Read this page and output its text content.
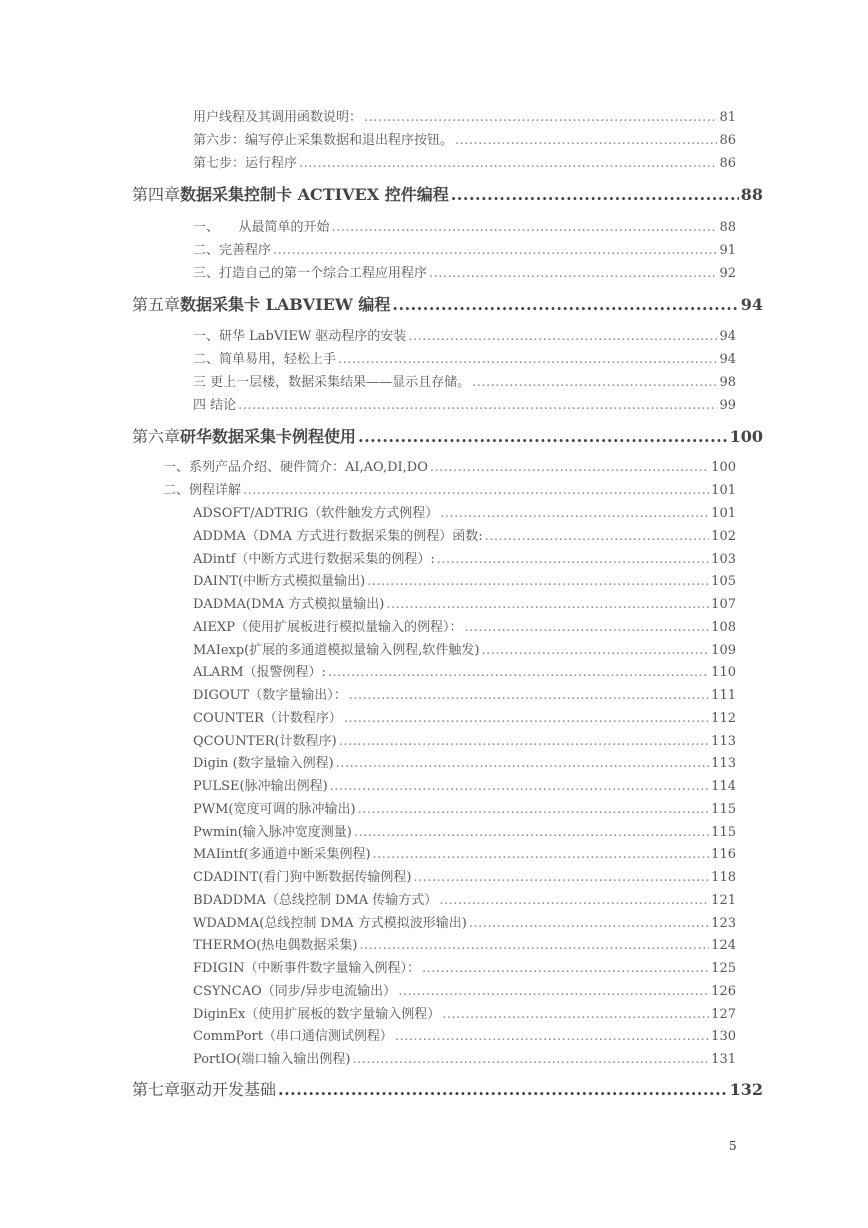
用户线程及其调用函数说明： .....	81
第六步：编写停止采集数据和退出程序按钮。 .....	86
第七步：运行程序 .....	86
第四章 数据采集控制卡 ACTIVEX 控件编程 .....	88
一、　　从最简单的开始 .....	88
二、完善程序 .....	91
三、打造自己的第一个综合工程应用程序 .....	92
第五章 数据采集卡 LABVIEW 编程 .....	94
一、研华 LabVIEW 驱动程序的安装 .....	94
二、简单易用，轻松上手 .....	94
三 更上一层楼，数据采集结果——显示且存储。 .....	98
四 结论 .....	99
第六章 研华数据采集卡例程使用 .....	100
一、 系列产品介绍、硬件简介：AI,AO,DI,DO .....	100
二、 例程详解 .....	101
ADSOFT/ADTRIG（软件触发方式例程） .....	101
ADDMA（DMA 方式进行数据采集的例程）函数: .....	102
ADintf（中断方式进行数据采集的例程）: .....	103
DAINT(中断方式模拟量输出) .....	105
DADMA(DMA 方式模拟量输出) .....	107
AIEXP（使用扩展板进行模拟量输入的例程）： .....	108
MAIexp(扩展的多通道模拟量输入例程,软件触发) .....	109
ALARM（报警例程）: .....	110
DIGOUT（数字量输出）： .....	111
COUNTER（计数程序） .....	112
QCOUNTER(计数程序) .....	113
Digin (数字量输入例程) .....	113
PULSE(脉冲输出例程) .....	114
PWM(宽度可调的脉冲输出) .....	115
Pwmin(输入脉冲宽度测量) .....	115
MAIintf(多通道中断采集例程) .....	116
CDADINT(看门狗中断数据传输例程) .....	118
BDADDMA（总线控制 DMA 传输方式） .....	121
WDADMA(总线控制 DMA 方式模拟波形输出) .....	123
THERMO(热电偶数据采集) .....	124
FDIGIN（中断事件数字量输入例程）： .....	125
CSYNCAO（同步/异步电流输出） .....	126
DiginEx（使用扩展板的数字量输入例程） .....	127
CommPort（串口通信测试例程） .....	130
PortIO(端口输入输出例程) .....	131
第七章 驱动开发基础 .....	132
5
